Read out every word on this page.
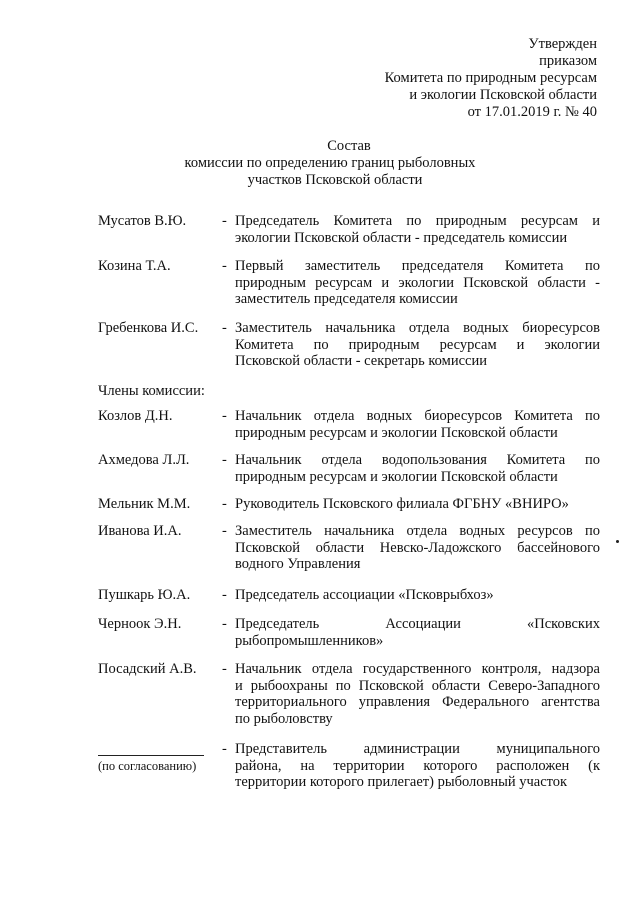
Утвержден
приказом
Комитета по природным ресурсам
и экологии Псковской области
от 17.01.2019 г. № 40
Состав
комиссии по определению границ рыболовных
участков Псковской области
Мусатов В.Ю. - Председатель Комитета по природным ресурсам и
экологии Псковской области - председатель комиссии
Козина Т.А.	- Первый заместитель председателя Комитета по
природным ресурсам и экологии Псковской области -
заместитель председателя комиссии
Гребенкова И.С. - Заместитель начальника отдела водных биоресурсов
Комитета по природным ресурсам и экологии
Псковской области - секретарь комиссии
Члены комиссии:
Козлов Д.Н.	- Начальник отдела водных биоресурсов Комитета по
природным ресурсам и экологии Псковской области
Ахмедова Л.Л. - Начальник отдела водопользования Комитета по
природным ресурсам и экологии Псковской области
Мельник М.М. - Руководитель Псковского филиала ФГБНУ «ВНИРО»
Иванова И.А.	- Заместитель начальника отдела водных ресурсов по
Псковской области Невско-Ладожского бассейнового
водного Управления
Пушкарь Ю.А. - Председатель ассоциации «Псковрыбхоз»
Черноок Э.Н.	- Председатель Ассоциации «Псковских
рыбопромышленников»
Посадский А.В. - Начальник отдела государственного контроля, надзора
и рыбоохраны по Псковской области Северо-Западного
территориального управления Федерального агентства
по рыболовству
(по согласованию)
- Представитель администрации муниципального
района, на территории которого расположен (к
территории которого прилегает) рыболовный участок
